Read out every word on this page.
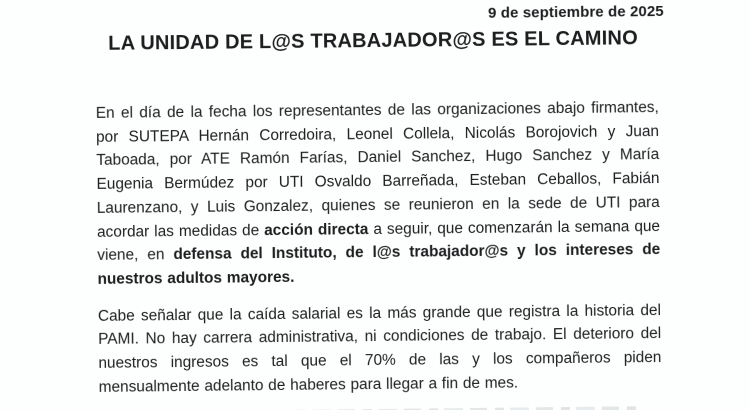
9 de septiembre de 2025
LA UNIDAD DE L@S TRABAJADOR@S ES EL CAMINO

En el día de la fecha los representantes de las organizaciones abajo firmantes, por SUTEPA Hernán Corredoira, Leonel Collela, Nicolás Borojovich y Juan Taboada, por ATE Ramón Farías, Daniel Sanchez, Hugo Sanchez y María Eugenia Bermúdez por UTI Osvaldo Barreñada, Esteban Ceballos, Fabián Laurenzano, y Luis Gonzalez, quienes se reunieron en la sede de UTI para acordar las medidas de acción directa a seguir, que comenzarán la semana que viene, en defensa del Instituto, de l@s trabajador@s y los intereses de nuestros adultos mayores.

Cabe señalar que la caída salarial es la más grande que registra la historia del PAMI. No hay carrera administrativa, ni condiciones de trabajo. El deterioro del nuestros ingresos es tal que el 70% de las y los compañeros piden mensualmente adelanto de haberes para llegar a fin de mes.
